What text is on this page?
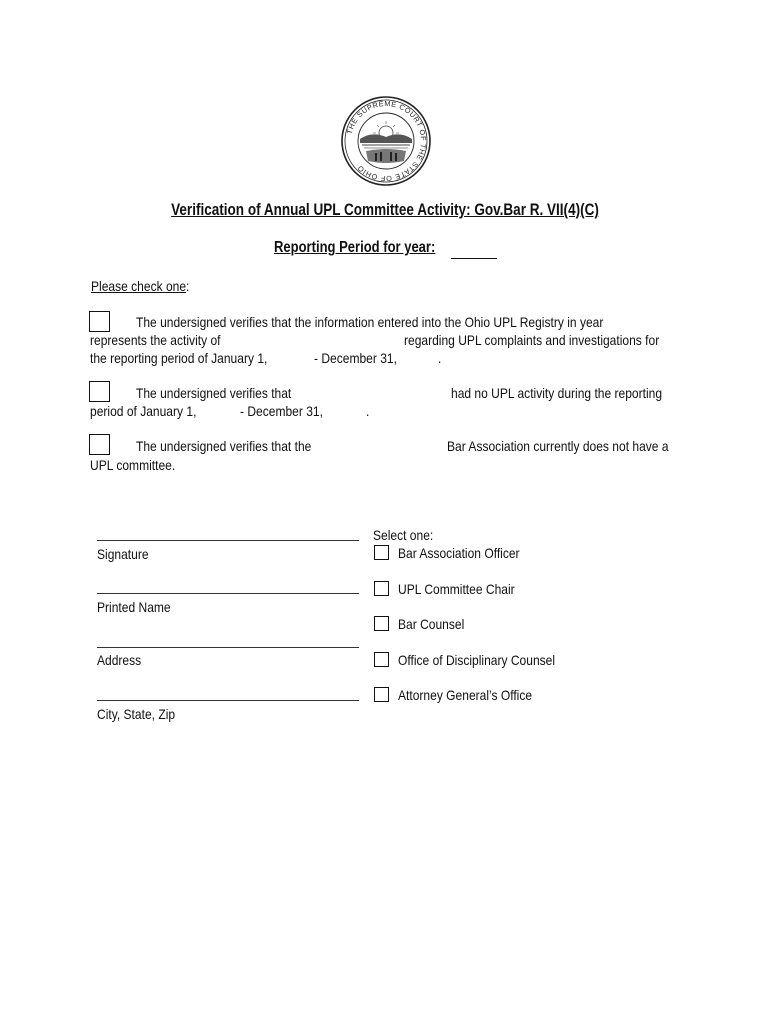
THE SUPREME COURT OF THE STATE OF OHIO
Verification of Annual UPL Committee Activity: Gov.Bar R. VII(4)(C)
Reporting Period for year:
Please check one:
The undersigned verifies that the information entered into the Ohio UPL Registry in year
represents the activity of	regarding UPL complaints and investigations for
the reporting period of January 1,	- December 31,	.
The undersigned verifies that	had no UPL activity during the reporting
period of January 1,	- December 31,	.
The undersigned verifies that the	Bar Association currently does not have a
UPL committee.
Signature
Printed Name
Address
City, State, Zip
Select one:
Bar Association Officer
UPL Committee Chair
Bar Counsel
Office of Disciplinary Counsel
Attorney General’s Office
